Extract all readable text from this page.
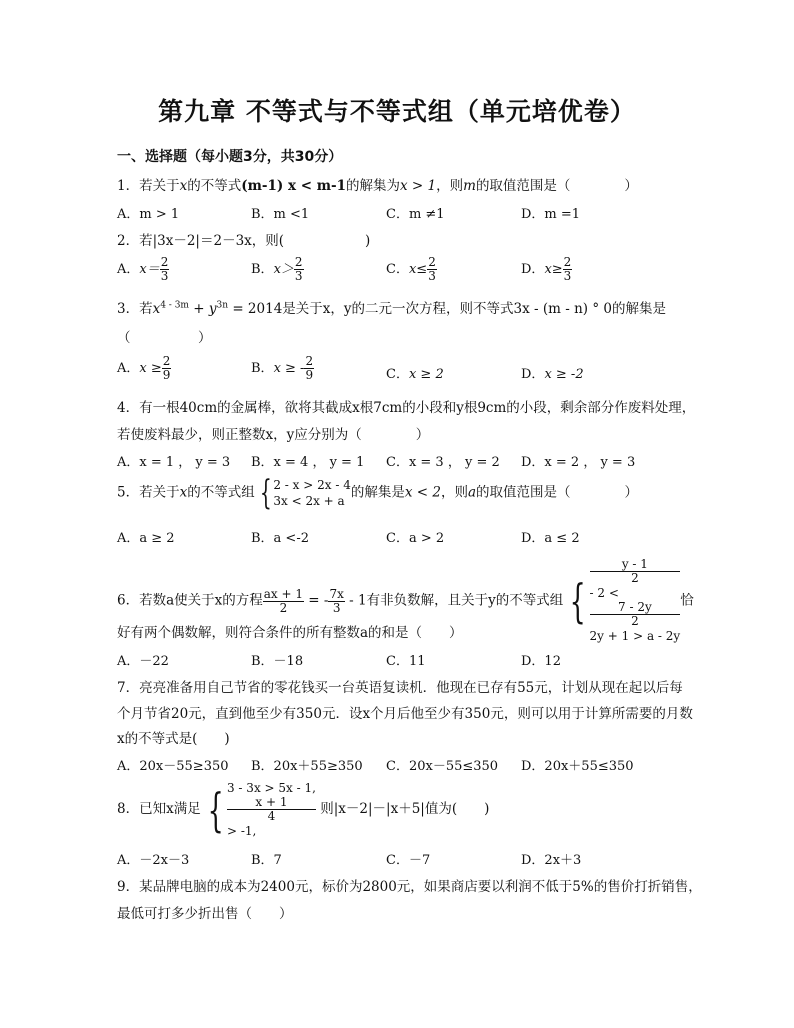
第九章 不等式与不等式组（单元培优卷）
一、选择题（每小题3分，共30分）
1．若关于x的不等式(m-1) x < m-1的解集为x > 1，则m的取值范围是（　　　　）
A．m > 1	B．m <1	C．m ≠1	D．m =1
2．若|3x－2|＝2－3x，则(　　　　　　)
A．$x= \frac{2}{3}$	B．$x> \frac{2}{3}$	C．$x\le \frac{2}{3}$	D．$x\ge \frac{2}{3}$
3．若$x^{4 - 3m} + y^{3n} = 2014$是关于x，y的二元一次方程，则不等式3x - (m - n) ° 0的解集是
（　　　　　）
A．$x \ge \frac{2}{9}$	B．x ≥ - $\frac{2}{9}$	C．x ≥ 2	D．x ≥ -2
4．有一根40cm的金属棒，欲将其截成x根7cm的小段和y根9cm的小段，剩余部分作废料处理，
若使废料最少，则正整数x，y应分别为（　　　　）
A．x = 1 ， y = 3 B．x = 4 ， y = 1 C．x = 3 ， y = 2 D．x = 2 ， y = 3
5．若关于x的不等式组 { 2 - x > 2x - 4
3x < 2x + a
的解集是x < 2，则a的取值范围是（　　　　）
A．a ≥ 2	B．a <-2	C．a > 2	D．a ≤ 2
6．若数a使关于x的方程 $\frac{ax + 1}{2}$ = - $\frac{7x}{3} - 1$有非负数解，且关于y的不等式组 {
y - 1
2
- 2 <
7 - 2y
2
2y + 1 > a - 2y
恰
好有两个偶数解，则符合条件的所有整数a的和是（　　）
A．－22	B．－18	C．11	D．12
7．亮亮准备用自己节省的零花钱买一台英语复读机．他现在已存有55元，计划从现在起以后每
个月节省20元，直到他至少有350元．设x个月后他至少有350元，则可以用于计算所需要的月数
x的不等式是(　　)
A．20x－55≥350 B．20x＋55≥350 C．20x－55≤350 D．20x＋55≤350
8．已知x满足 { 3 - 3x > 5x - 1,
x + 1
4
> -1,
则|x－2|－|x＋5|值为(　　)
A．－2x－3	B．7	C．－7	D．2x＋3
9．某品牌电脑的成本为2400元，标价为2800元，如果商店要以利润不低于5%的售价打折销售，
最低可打多少折出售（　　）
